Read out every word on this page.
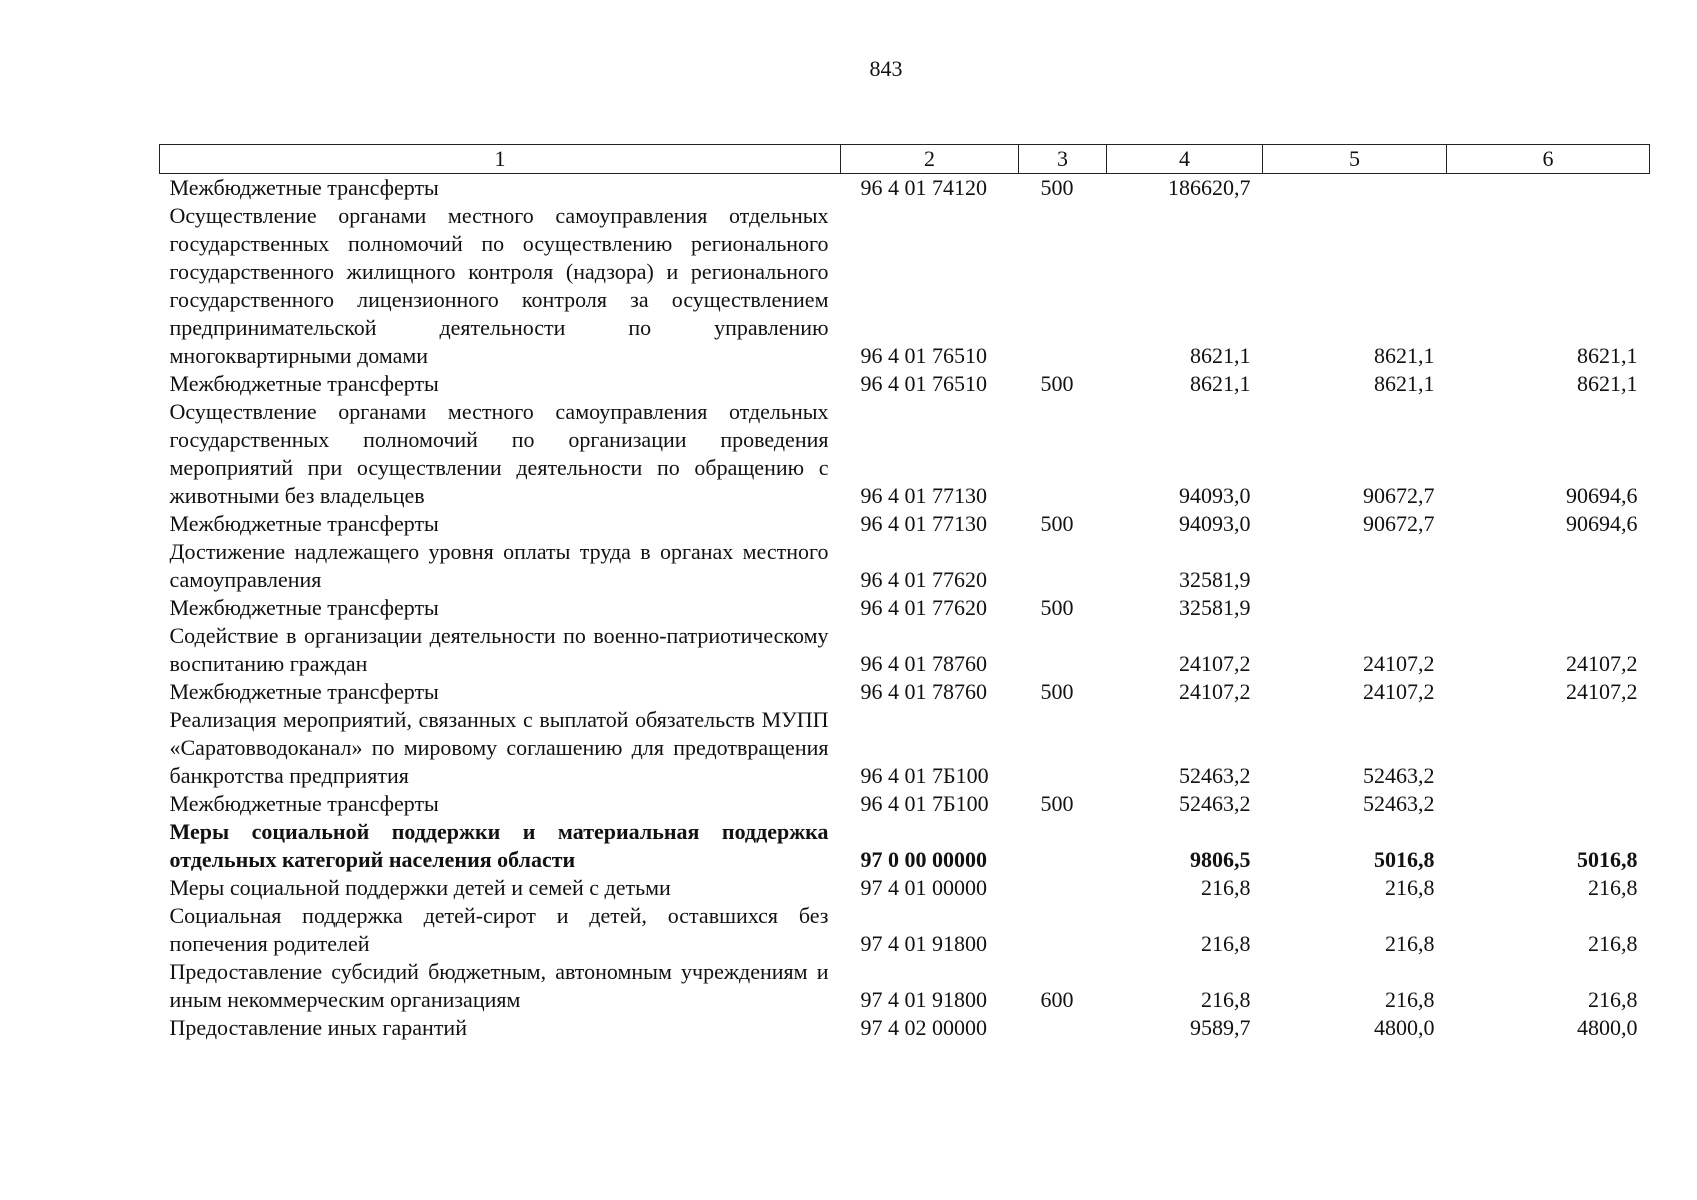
843
1	2	3	4	5	6
Межбюджетные трансферты	96 4 01 74120	500	186620,7		
Осуществление органами местного самоуправления отдельных государственных полномочий по осуществлению регионального государственного жилищного контроля (надзора) и регионального государственного лицензионного контроля за осуществлением предпринимательской деятельности по управлению многоквартирными домами	96 4 01 76510		8621,1	8621,1	8621,1
Межбюджетные трансферты	96 4 01 76510	500	8621,1	8621,1	8621,1
Осуществление органами местного самоуправления отдельных государственных полномочий по организации проведения мероприятий при осуществлении деятельности по обращению с животными без владельцев	96 4 01 77130		94093,0	90672,7	90694,6
Межбюджетные трансферты	96 4 01 77130	500	94093,0	90672,7	90694,6
Достижение надлежащего уровня оплаты труда в органах местного самоуправления	96 4 01 77620		32581,9		
Межбюджетные трансферты	96 4 01 77620	500	32581,9		
Содействие в организации деятельности по военно-патриотическому воспитанию граждан	96 4 01 78760		24107,2	24107,2	24107,2
Межбюджетные трансферты	96 4 01 78760	500	24107,2	24107,2	24107,2
Реализация мероприятий, связанных с выплатой обязательств МУПП «Саратовводоканал» по мировому соглашению для предотвращения банкротства предприятия	96 4 01 7Б100		52463,2	52463,2	
Межбюджетные трансферты	96 4 01 7Б100	500	52463,2	52463,2	
Меры социальной поддержки и материальная поддержка отдельных категорий населения области	97 0 00 00000		9806,5	5016,8	5016,8
Меры социальной поддержки детей и семей с детьми	97 4 01 00000		216,8	216,8	216,8
Социальная поддержка детей-сирот и детей, оставшихся без попечения родителей	97 4 01 91800		216,8	216,8	216,8
Предоставление субсидий бюджетным, автономным учреждениям и иным некоммерческим организациям	97 4 01 91800	600	216,8	216,8	216,8
Предоставление иных гарантий	97 4 02 00000		9589,7	4800,0	4800,0
